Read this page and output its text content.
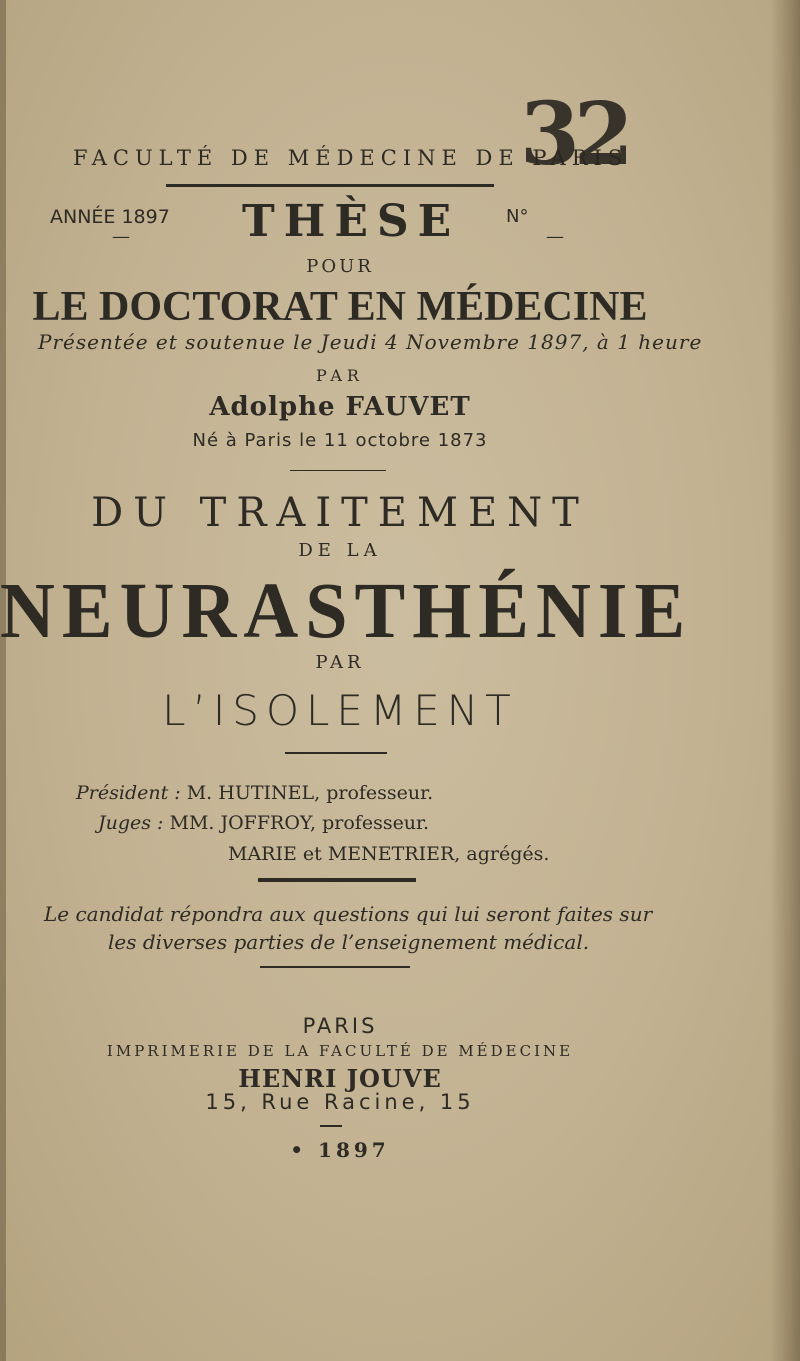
FACULTÉ DE MÉDECINE DE PARIS
32
ANNÉE 1897
—	THÈSE	N°
—
POUR
LE DOCTORAT EN MÉDECINE
Présentée et soutenue le Jeudi 4 Novembre 1897, à 1 heure
PAR
Adolphe FAUVET
Né à Paris le 11 octobre 1873
DU TRAITEMENT
DE LA
NEURASTHÉNIE
PAR
L’ISOLEMENT
Président : M. HUTINEL, professeur.
Juges : MM. JOFFROY, professeur.
MARIE et MENETRIER, agrégés.
Le candidat répondra aux questions qui lui seront faites sur
les diverses parties de l’enseignement médical.
PARIS
IMPRIMERIE DE LA FACULTÉ DE MÉDECINE
HENRI JOUVE
15, Rue Racine, 15
• 1897
